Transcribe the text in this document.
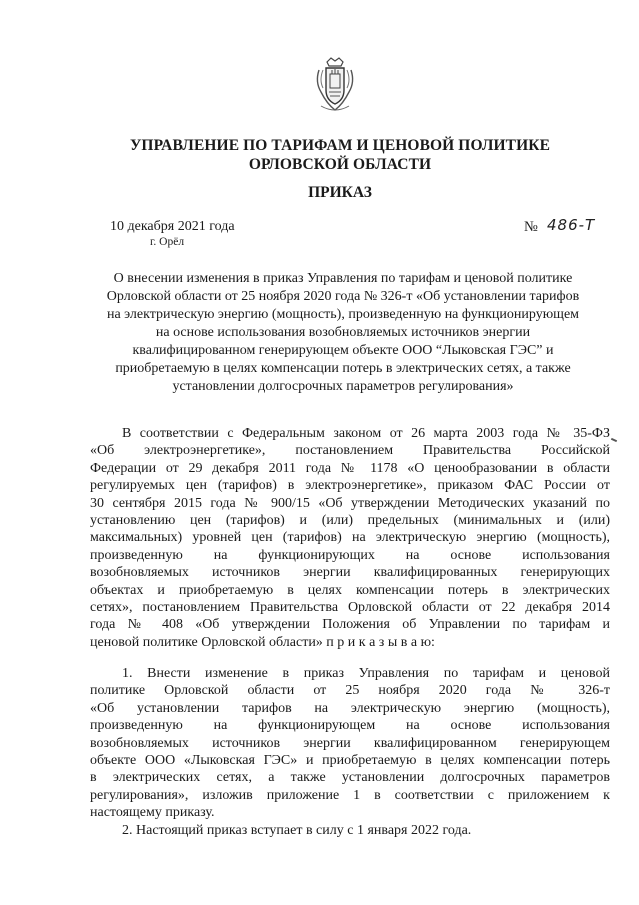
УПРАВЛЕНИЕ ПО ТАРИФАМ И ЦЕНОВОЙ ПОЛИТИКЕ
ОРЛОВСКОЙ ОБЛАСТИ
ПРИКАЗ
10 декабря 2021 года
г. Орёл
№ 486-Т
О внесении изменения в приказ Управления по тарифам и ценовой политике
Орловской области от 25 ноября 2020 года № 326-т «Об установлении тарифов
на электрическую энергию (мощность), произведенную на функционирующем
на основе использования возобновляемых источников энергии
квалифицированном генерирующем объекте ООО “Лыковская ГЭС” и
приобретаемую в целях компенсации потерь в электрических сетях, а также
установлении долгосрочных параметров регулирования»
В соответствии с Федеральным законом от 26 марта 2003 года № 35-ФЗ
«Об электроэнергетике», постановлением Правительства Российской
Федерации от 29 декабря 2011 года № 1178 «О ценообразовании в области
регулируемых цен (тарифов) в электроэнергетике», приказом ФАС России от
30 сентября 2015 года № 900/15 «Об утверждении Методических указаний по
установлению цен (тарифов) и (или) предельных (минимальных и (или)
максимальных) уровней цен (тарифов) на электрическую энергию (мощность),
произведенную на функционирующих на основе использования
возобновляемых источников энергии квалифицированных генерирующих
объектах и приобретаемую в целях компенсации потерь в электрических
сетях», постановлением Правительства Орловской области от 22 декабря 2014
года № 408 «Об утверждении Положения об Управлении по тарифам и
ценовой политике Орловской области» п р и к а з ы в а ю:
1. Внести изменение в приказ Управления по тарифам и ценовой
политике Орловской области от 25 ноября 2020 года № 326-т
«Об установлении тарифов на электрическую энергию (мощность),
произведенную на функционирующем на основе использования
возобновляемых источников энергии квалифицированном генерирующем
объекте ООО «Лыковская ГЭС» и приобретаемую в целях компенсации потерь
в электрических сетях, а также установлении долгосрочных параметров
регулирования», изложив приложение 1 в соответствии с приложением к
настоящему приказу.
2. Настоящий приказ вступает в силу с 1 января 2022 года.
